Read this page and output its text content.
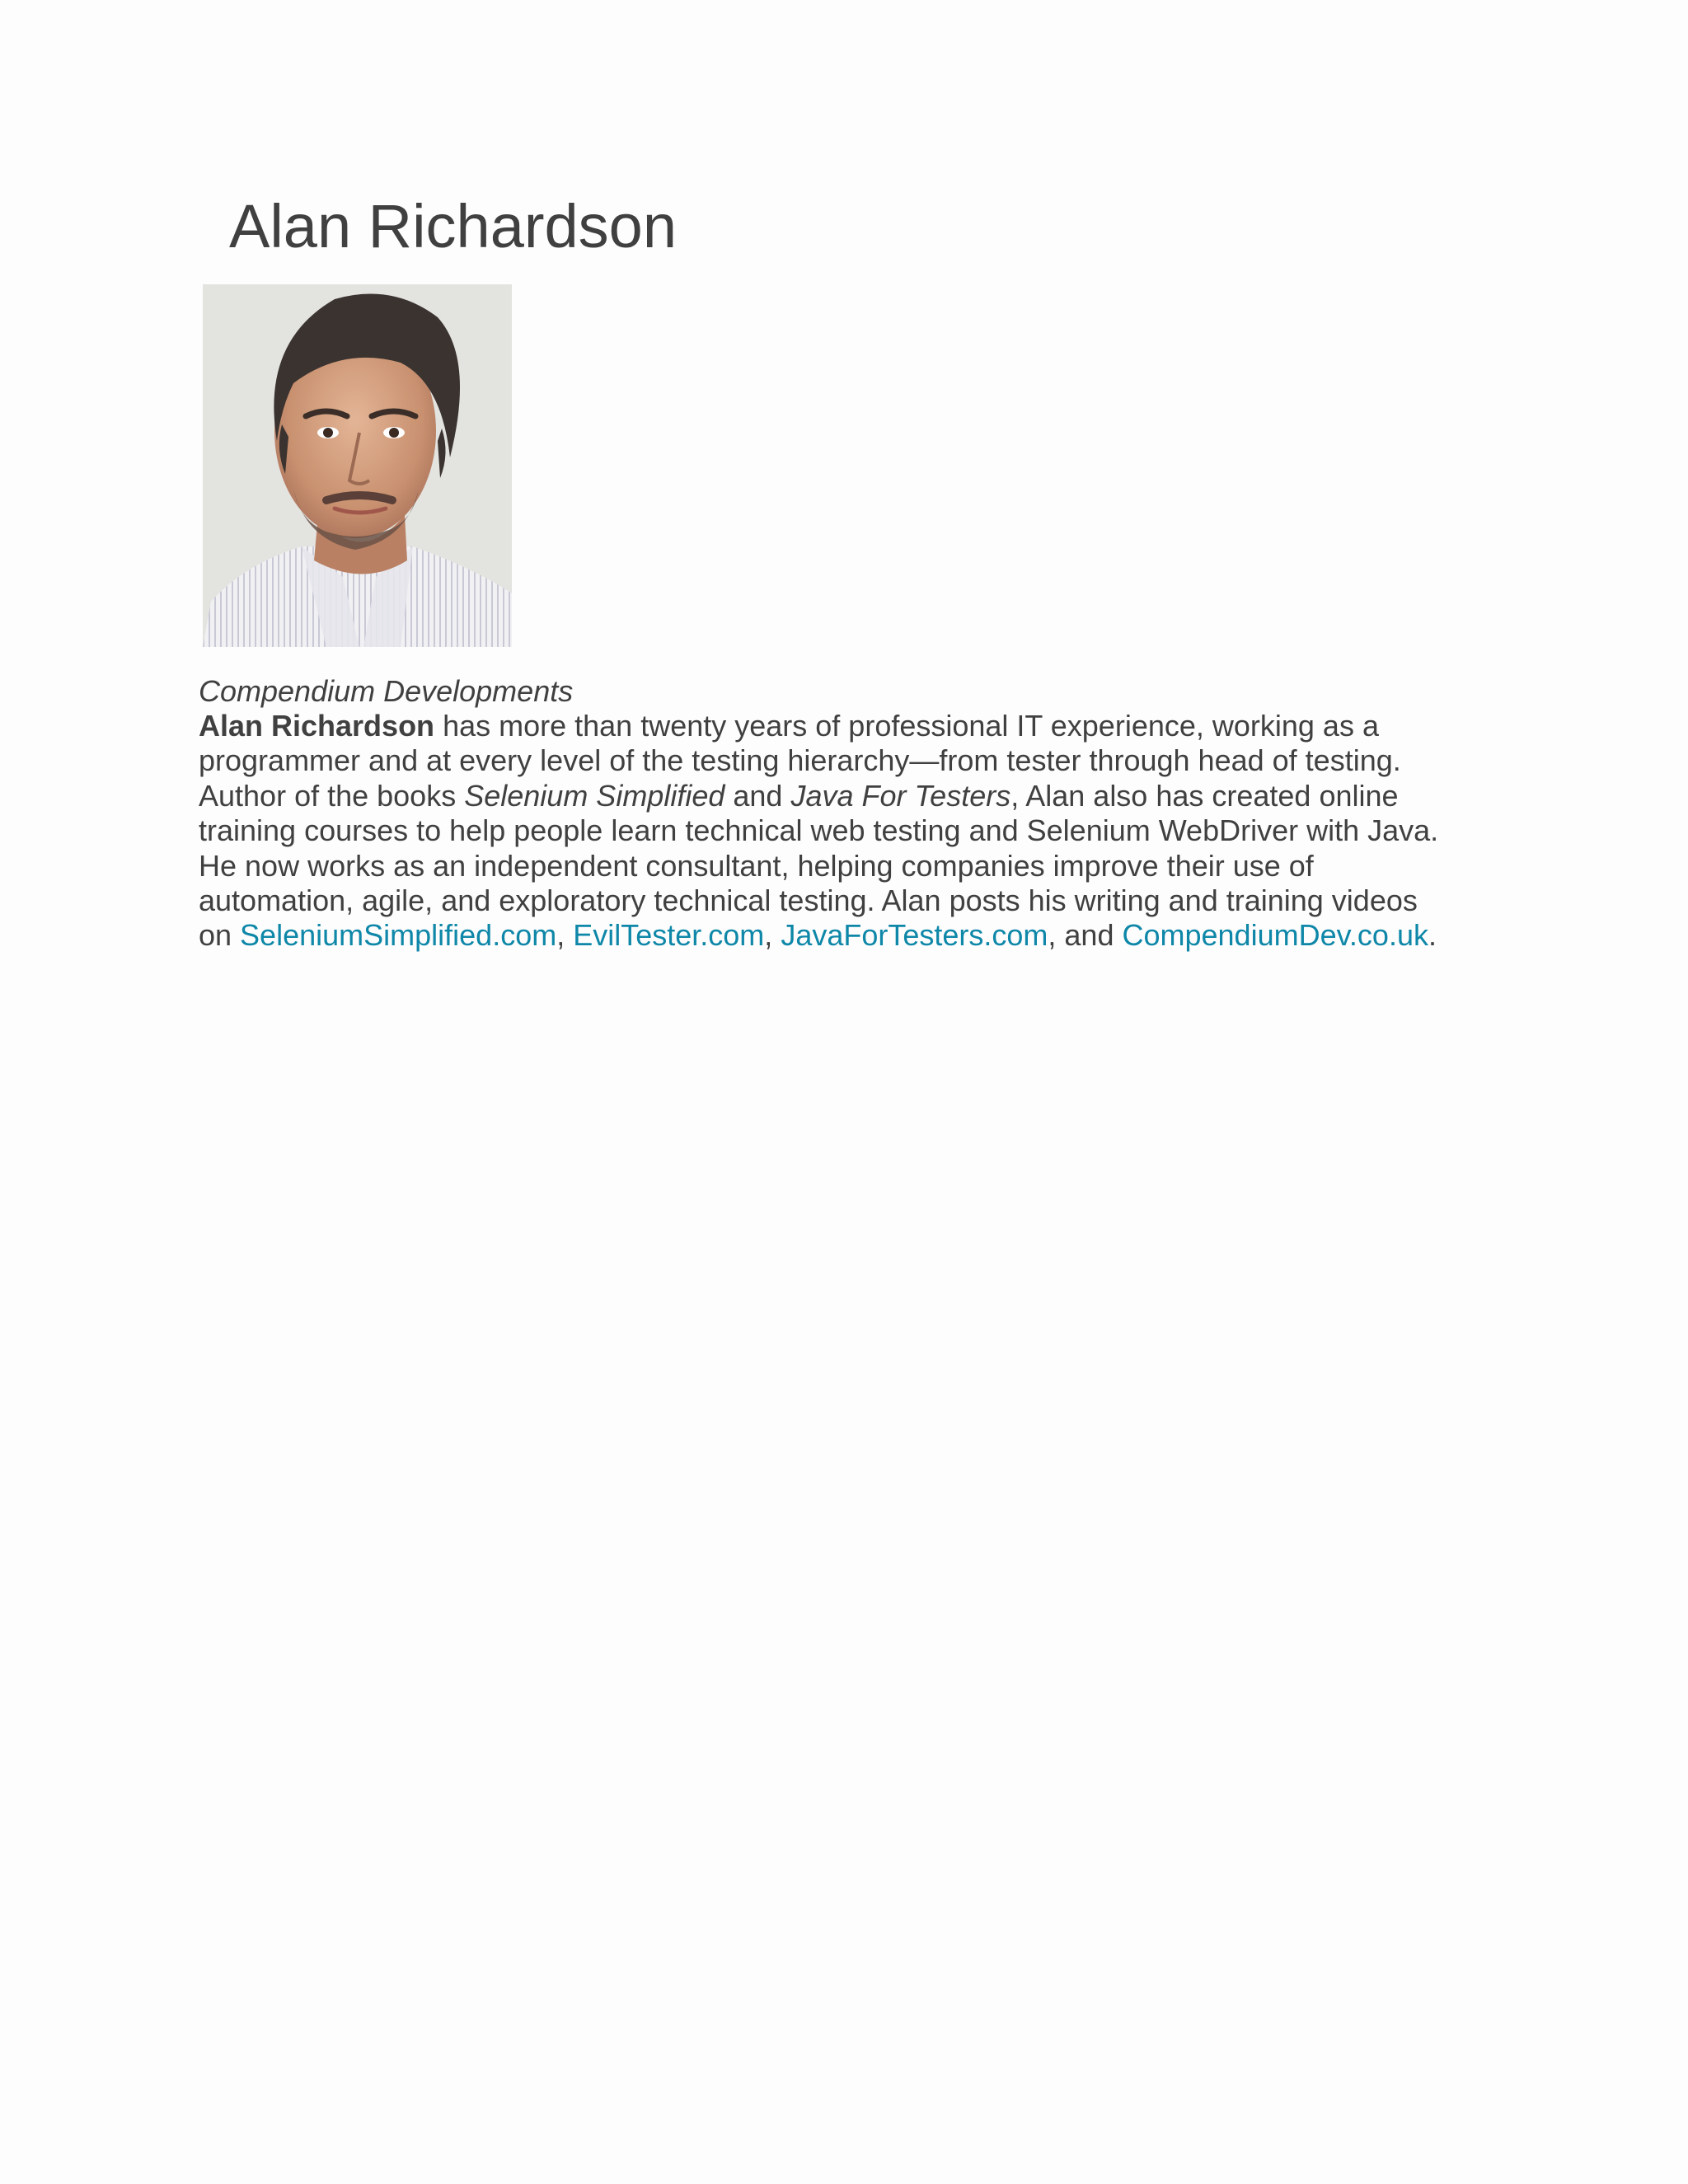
Alan Richardson

Compendium Developments

Alan Richardson has more than twenty years of professional IT experience, working as a
programmer and at every level of the testing hierarchy—from tester through head of testing.
Author of the books Selenium Simplified and Java For Testers, Alan also has created online
training courses to help people learn technical web testing and Selenium WebDriver with Java.
He now works as an independent consultant, helping companies improve their use of
automation, agile, and exploratory technical testing. Alan posts his writing and training videos
on SeleniumSimplified.com, EvilTester.com, JavaForTesters.com, and CompendiumDev.co.uk.
